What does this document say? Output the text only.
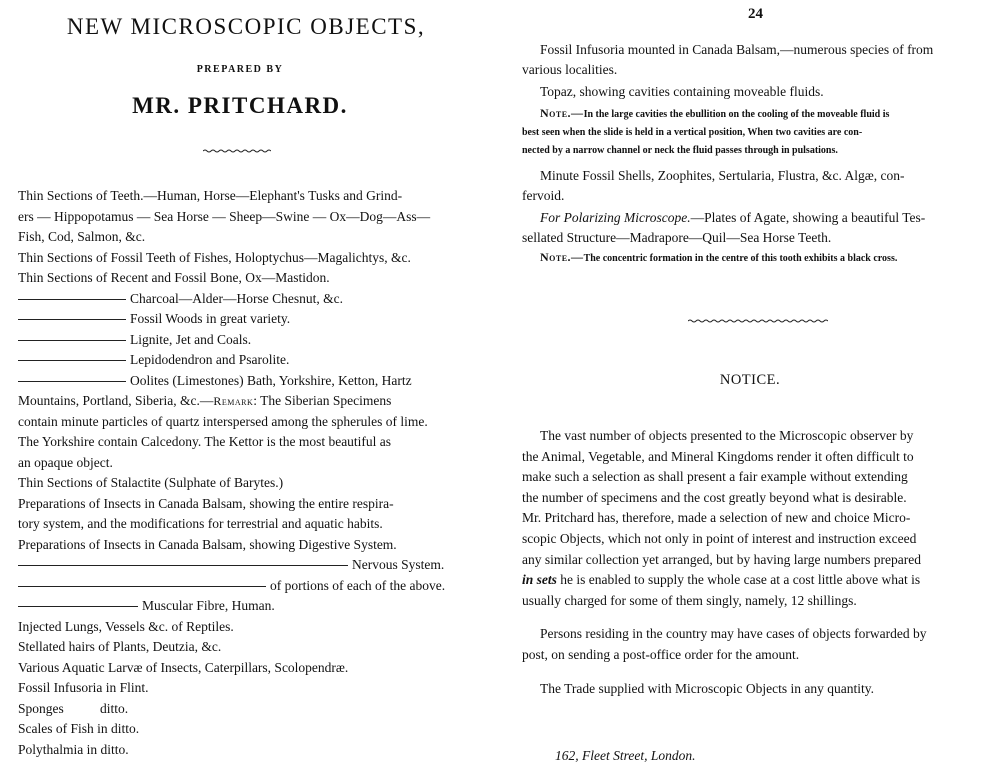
NEW MICROSCOPIC OBJECTS,
PREPARED BY
MR. PRITCHARD.
Thin Sections of Teeth.—Human, Horse—Elephant's Tusks and Grind-
ers — Hippopotamus — Sea Horse — Sheep—Swine — Ox—Dog—Ass—
Fish, Cod, Salmon, &c.
Thin Sections of Fossil Teeth of Fishes, Holoptychus—Magalichtys, &c.
Thin Sections of Recent and Fossil Bone, Ox—Mastidon.
Charcoal—Alder—Horse Chesnut, &c.
Fossil Woods in great variety.
Lignite, Jet and Coals.
Lepidodendron and Psarolite.
Oolites (Limestones) Bath, Yorkshire, Ketton, Hartz
Mountains, Portland, Siberia, &c.—Remark: The Siberian Specimens
contain minute particles of quartz interspersed among the spherules of lime.
The Yorkshire contain Calcedony. The Kettor is the most beautiful as
an opaque object.
Thin Sections of Stalactite (Sulphate of Barytes.)
Preparations of Insects in Canada Balsam, showing the entire respira-
tory system, and the modifications for terrestrial and aquatic habits.
Preparations of Insects in Canada Balsam, showing Digestive System.
Nervous System.
of portions of each of the above.
Muscular Fibre, Human.
Injected Lungs, Vessels &c. of Reptiles.
Stellated hairs of Plants, Deutzia, &c.
Various Aquatic Larvæ of Insects, Caterpillars, Scolopendræ.
Fossil Infusoria in Flint.
Sponges	ditto.
Scales of Fish in ditto.
Polythalmia in ditto.
24
Fossil Infusoria mounted in Canada Balsam,—numerous species of from
various localities.
Topaz, showing cavities containing moveable fluids.
Note.—In the large cavities the ebullition on the cooling of the moveable fluid is
best seen when the slide is held in a vertical position, When two cavities are con-
nected by a narrow channel or neck the fluid passes through in pulsations.
Minute Fossil Shells, Zoophites, Sertularia, Flustra, &c. Algæ, con-
fervoid.
For Polarizing Microscope.—Plates of Agate, showing a beautiful Tes-
sellated Structure—Madrapore—Quil—Sea Horse Teeth.
Note.—The concentric formation in the centre of this tooth exhibits a black cross.
NOTICE.
The vast number of objects presented to the Microscopic observer by
the Animal, Vegetable, and Mineral Kingdoms render it often difficult to
make such a selection as shall present a fair example without extending
the number of specimens and the cost greatly beyond what is desirable.
Mr. Pritchard has, therefore, made a selection of new and choice Micro-
scopic Objects, which not only in point of interest and instruction exceed
any similar collection yet arranged, but by having large numbers prepared
in sets he is enabled to supply the whole case at a cost little above what is
usually charged for some of them singly, namely, 12 shillings.
Persons residing in the country may have cases of objects forwarded by
post, on sending a post-office order for the amount.
The Trade supplied with Microscopic Objects in any quantity.
162, Fleet Street, London.
